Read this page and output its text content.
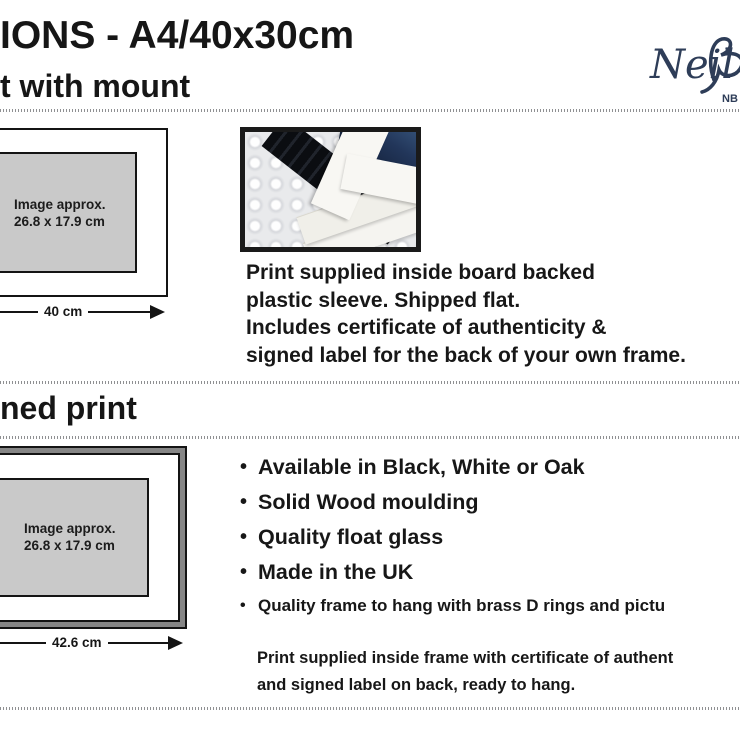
IONS - A4/40x30cm
Neil
NB
t with mount
Image approx.
26.8 x 17.9 cm
40 cm
Print supplied inside board backed
plastic sleeve. Shipped flat.
Includes certificate of authenticity &
signed label for the back of your own frame.
ned print
Image approx.
26.8 x 17.9 cm
42.6 cm
• Available in Black, White or Oak
• Solid Wood moulding
• Quality float glass
• Made in the UK
• Quality frame to hang with brass D rings and pictu
Print supplied inside frame with certificate of authent
and signed label on back, ready to hang.
